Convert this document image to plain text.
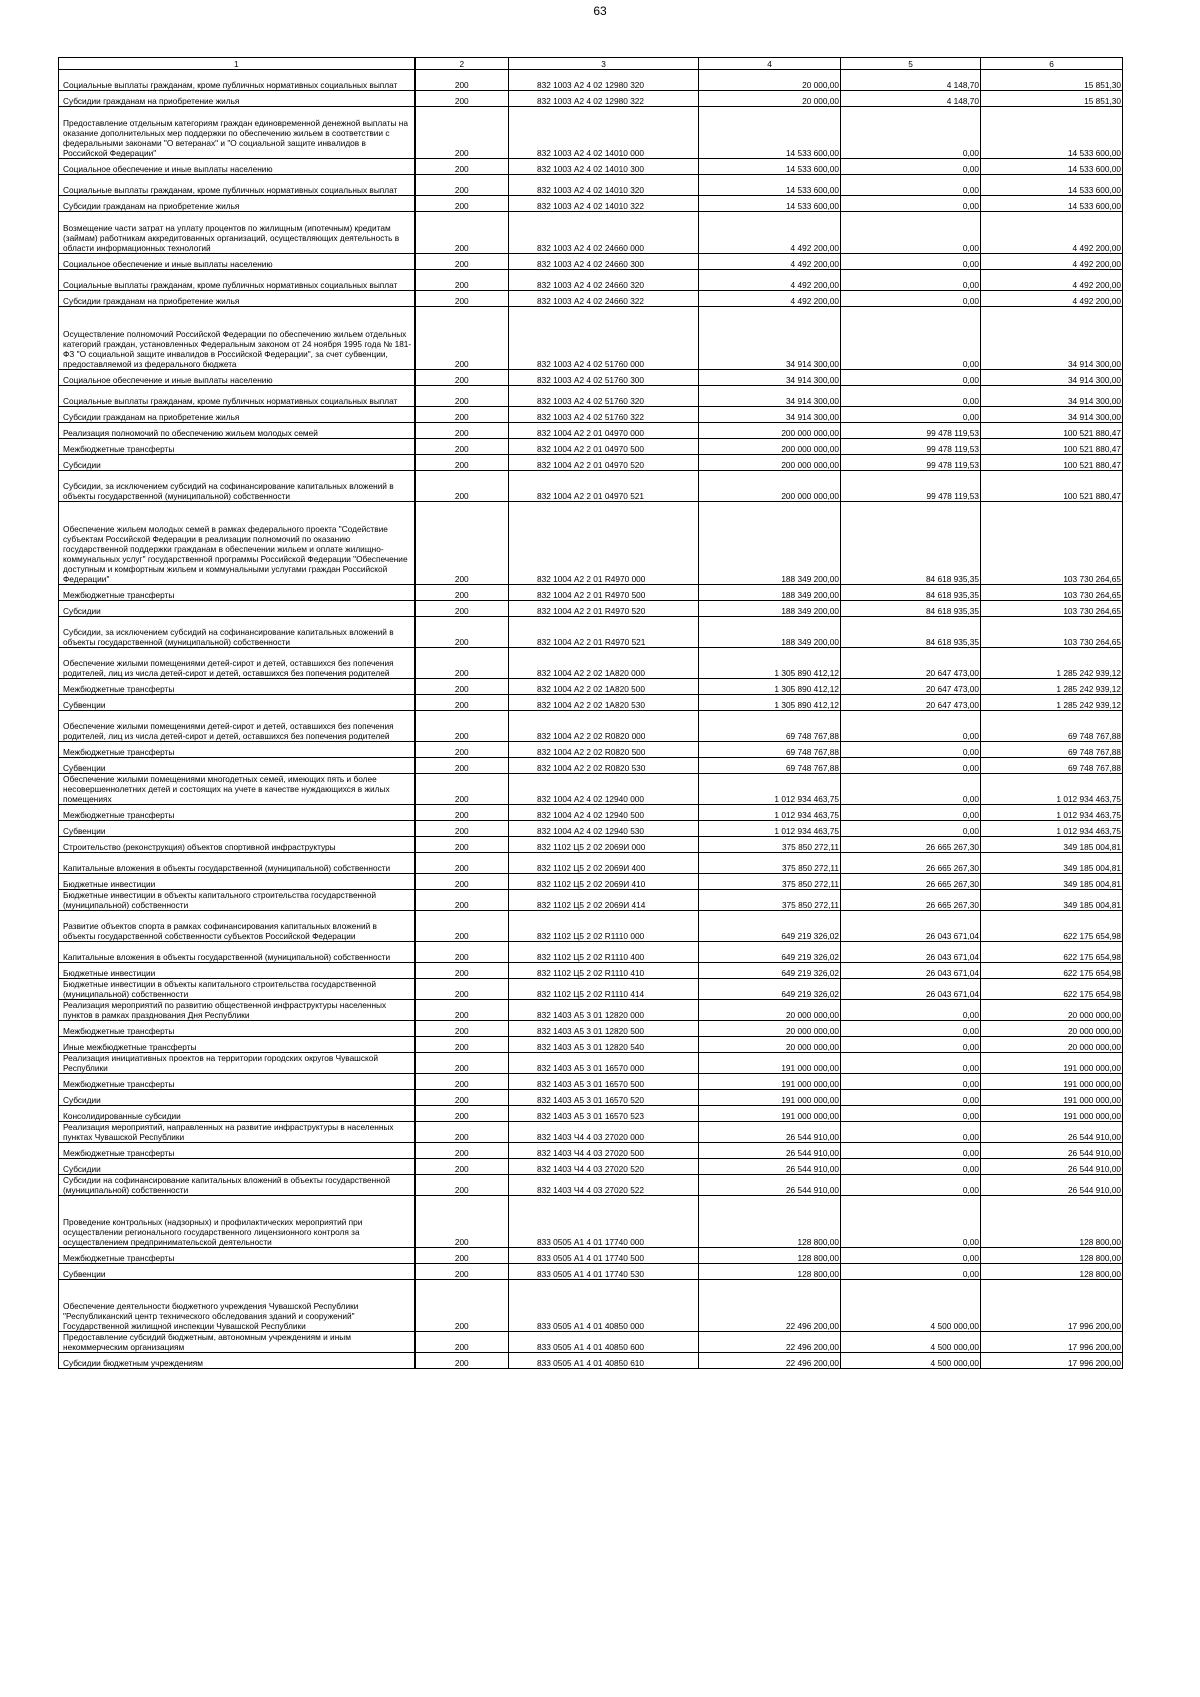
63
1	2	3	4	5	6
Социальные выплаты гражданам, кроме публичных нормативных социальных выплат	200	832 1003 А2 4 02 12980 320	20 000,00	4 148,70	15 851,30
Субсидии гражданам на приобретение жилья	200	832 1003 А2 4 02 12980 322	20 000,00	4 148,70	15 851,30
Предоставление отдельным категориям граждан единовременной денежной выплаты на оказание дополнительных мер поддержки по обеспечению жильем в соответствии с федеральными законами "О ветеранах" и "О социальной защите инвалидов в Российской Федерации"	200	832 1003 А2 4 02 14010 000	14 533 600,00	0,00	14 533 600,00
Социальное обеспечение и иные выплаты населению	200	832 1003 А2 4 02 14010 300	14 533 600,00	0,00	14 533 600,00
Социальные выплаты гражданам, кроме публичных нормативных социальных выплат	200	832 1003 А2 4 02 14010 320	14 533 600,00	0,00	14 533 600,00
Субсидии гражданам на приобретение жилья	200	832 1003 А2 4 02 14010 322	14 533 600,00	0,00	14 533 600,00
Возмещение части затрат на уплату процентов по жилищным (ипотечным) кредитам (займам) работникам аккредитованных организаций, осуществляющих деятельность в области информационных технологий	200	832 1003 А2 4 02 24660 000	4 492 200,00	0,00	4 492 200,00
Социальное обеспечение и иные выплаты населению	200	832 1003 А2 4 02 24660 300	4 492 200,00	0,00	4 492 200,00
Социальные выплаты гражданам, кроме публичных нормативных социальных выплат	200	832 1003 А2 4 02 24660 320	4 492 200,00	0,00	4 492 200,00
Субсидии гражданам на приобретение жилья	200	832 1003 А2 4 02 24660 322	4 492 200,00	0,00	4 492 200,00
Осуществление полномочий Российской Федерации по обеспечению жильем отдельных категорий граждан, установленных Федеральным законом от 24 ноября 1995 года № 181-ФЗ "О социальной защите инвалидов в Российской Федерации", за счет субвенции, предоставляемой из федерального бюджета	200	832 1003 А2 4 02 51760 000	34 914 300,00	0,00	34 914 300,00
Социальное обеспечение и иные выплаты населению	200	832 1003 А2 4 02 51760 300	34 914 300,00	0,00	34 914 300,00
Социальные выплаты гражданам, кроме публичных нормативных социальных выплат	200	832 1003 А2 4 02 51760 320	34 914 300,00	0,00	34 914 300,00
Субсидии гражданам на приобретение жилья	200	832 1003 А2 4 02 51760 322	34 914 300,00	0,00	34 914 300,00
Реализация полномочий по обеспечению жильем молодых семей	200	832 1004 А2 2 01 04970 000	200 000 000,00	99 478 119,53	100 521 880,47
Межбюджетные трансферты	200	832 1004 А2 2 01 04970 500	200 000 000,00	99 478 119,53	100 521 880,47
Субсидии	200	832 1004 А2 2 01 04970 520	200 000 000,00	99 478 119,53	100 521 880,47
Субсидии, за исключением субсидий на софинансирование капитальных вложений в объекты государственной (муниципальной) собственности	200	832 1004 А2 2 01 04970 521	200 000 000,00	99 478 119,53	100 521 880,47
Обеспечение жильем молодых семей в рамках федерального проекта "Содействие субъектам Российской Федерации в реализации полномочий по оказанию государственной поддержки гражданам в обеспечении жильем и оплате жилищно-коммунальных услуг" государственной программы Российской Федерации "Обеспечение доступным и комфортным жильем и коммунальными услугами граждан Российской Федерации"	200	832 1004 А2 2 01 R4970 000	188 349 200,00	84 618 935,35	103 730 264,65
Межбюджетные трансферты	200	832 1004 А2 2 01 R4970 500	188 349 200,00	84 618 935,35	103 730 264,65
Субсидии	200	832 1004 А2 2 01 R4970 520	188 349 200,00	84 618 935,35	103 730 264,65
Субсидии, за исключением субсидий на софинансирование капитальных вложений в объекты государственной (муниципальной) собственности	200	832 1004 А2 2 01 R4970 521	188 349 200,00	84 618 935,35	103 730 264,65
Обеспечение жилыми помещениями детей-сирот и детей, оставшихся без попечения родителей, лиц из числа детей-сирот и детей, оставшихся без попечения родителей	200	832 1004 А2 2 02 1А820 000	1 305 890 412,12	20 647 473,00	1 285 242 939,12
Межбюджетные трансферты	200	832 1004 А2 2 02 1А820 500	1 305 890 412,12	20 647 473,00	1 285 242 939,12
Субвенции	200	832 1004 А2 2 02 1А820 530	1 305 890 412,12	20 647 473,00	1 285 242 939,12
Обеспечение жилыми помещениями детей-сирот и детей, оставшихся без попечения родителей, лиц из числа детей-сирот и детей, оставшихся без попечения родителей	200	832 1004 А2 2 02 R0820 000	69 748 767,88	0,00	69 748 767,88
Межбюджетные трансферты	200	832 1004 А2 2 02 R0820 500	69 748 767,88	0,00	69 748 767,88
Субвенции	200	832 1004 А2 2 02 R0820 530	69 748 767,88	0,00	69 748 767,88
Обеспечение жилыми помещениями многодетных семей, имеющих пять и более несовершеннолетних детей и состоящих на учете в качестве нуждающихся в жилых помещениях	200	832 1004 А2 4 02 12940 000	1 012 934 463,75	0,00	1 012 934 463,75
Межбюджетные трансферты	200	832 1004 А2 4 02 12940 500	1 012 934 463,75	0,00	1 012 934 463,75
Субвенции	200	832 1004 А2 4 02 12940 530	1 012 934 463,75	0,00	1 012 934 463,75
Строительство (реконструкция) объектов спортивной инфраструктуры	200	832 1102 Ц5 2 02 2069И 000	375 850 272,11	26 665 267,30	349 185 004,81
Капитальные вложения в объекты государственной (муниципальной) собственности	200	832 1102 Ц5 2 02 2069И 400	375 850 272,11	26 665 267,30	349 185 004,81
Бюджетные инвестиции	200	832 1102 Ц5 2 02 2069И 410	375 850 272,11	26 665 267,30	349 185 004,81
Бюджетные инвестиции в объекты капитального строительства государственной (муниципальной) собственности	200	832 1102 Ц5 2 02 2069И 414	375 850 272,11	26 665 267,30	349 185 004,81
Развитие объектов спорта в рамках софинансирования капитальных вложений в объекты государственной собственности субъектов Российской Федерации	200	832 1102 Ц5 2 02 R1110 000	649 219 326,02	26 043 671,04	622 175 654,98
Капитальные вложения в объекты государственной (муниципальной) собственности	200	832 1102 Ц5 2 02 R1110 400	649 219 326,02	26 043 671,04	622 175 654,98
Бюджетные инвестиции	200	832 1102 Ц5 2 02 R1110 410	649 219 326,02	26 043 671,04	622 175 654,98
Бюджетные инвестиции в объекты капитального строительства государственной (муниципальной) собственности	200	832 1102 Ц5 2 02 R1110 414	649 219 326,02	26 043 671,04	622 175 654,98
Реализация мероприятий по развитию общественной инфраструктуры населенных пунктов в рамках празднования Дня Республики	200	832 1403 А5 3 01 12820 000	20 000 000,00	0,00	20 000 000,00
Межбюджетные трансферты	200	832 1403 А5 3 01 12820 500	20 000 000,00	0,00	20 000 000,00
Иные межбюджетные трансферты	200	832 1403 А5 3 01 12820 540	20 000 000,00	0,00	20 000 000,00
Реализация инициативных проектов на территории городских округов Чувашской Республики	200	832 1403 А5 3 01 16570 000	191 000 000,00	0,00	191 000 000,00
Межбюджетные трансферты	200	832 1403 А5 3 01 16570 500	191 000 000,00	0,00	191 000 000,00
Субсидии	200	832 1403 А5 3 01 16570 520	191 000 000,00	0,00	191 000 000,00
Консолидированные субсидии	200	832 1403 А5 3 01 16570 523	191 000 000,00	0,00	191 000 000,00
Реализация мероприятий, направленных на развитие инфраструктуры в населенных пунктах Чувашской Республики	200	832 1403 Ч4 4 03 27020 000	26 544 910,00	0,00	26 544 910,00
Межбюджетные трансферты	200	832 1403 Ч4 4 03 27020 500	26 544 910,00	0,00	26 544 910,00
Субсидии	200	832 1403 Ч4 4 03 27020 520	26 544 910,00	0,00	26 544 910,00
Субсидии на софинансирование капитальных вложений в объекты государственной (муниципальной) собственности	200	832 1403 Ч4 4 03 27020 522	26 544 910,00	0,00	26 544 910,00
Проведение контрольных (надзорных) и профилактических мероприятий при осуществлении регионального государственного лицензионного контроля за осуществлением предпринимательской деятельности	200	833 0505 А1 4 01 17740 000	128 800,00	0,00	128 800,00
Межбюджетные трансферты	200	833 0505 А1 4 01 17740 500	128 800,00	0,00	128 800,00
Субвенции	200	833 0505 А1 4 01 17740 530	128 800,00	0,00	128 800,00
Обеспечение деятельности бюджетного учреждения Чувашской Республики "Республиканский центр технического обследования зданий и сооружений" Государственной жилищной инспекции Чувашской Республики	200	833 0505 А1 4 01 40850 000	22 496 200,00	4 500 000,00	17 996 200,00
Предоставление субсидий бюджетным, автономным учреждениям и иным некоммерческим организациям	200	833 0505 А1 4 01 40850 600	22 496 200,00	4 500 000,00	17 996 200,00
Субсидии бюджетным учреждениям	200	833 0505 А1 4 01 40850 610	22 496 200,00	4 500 000,00	17 996 200,00
